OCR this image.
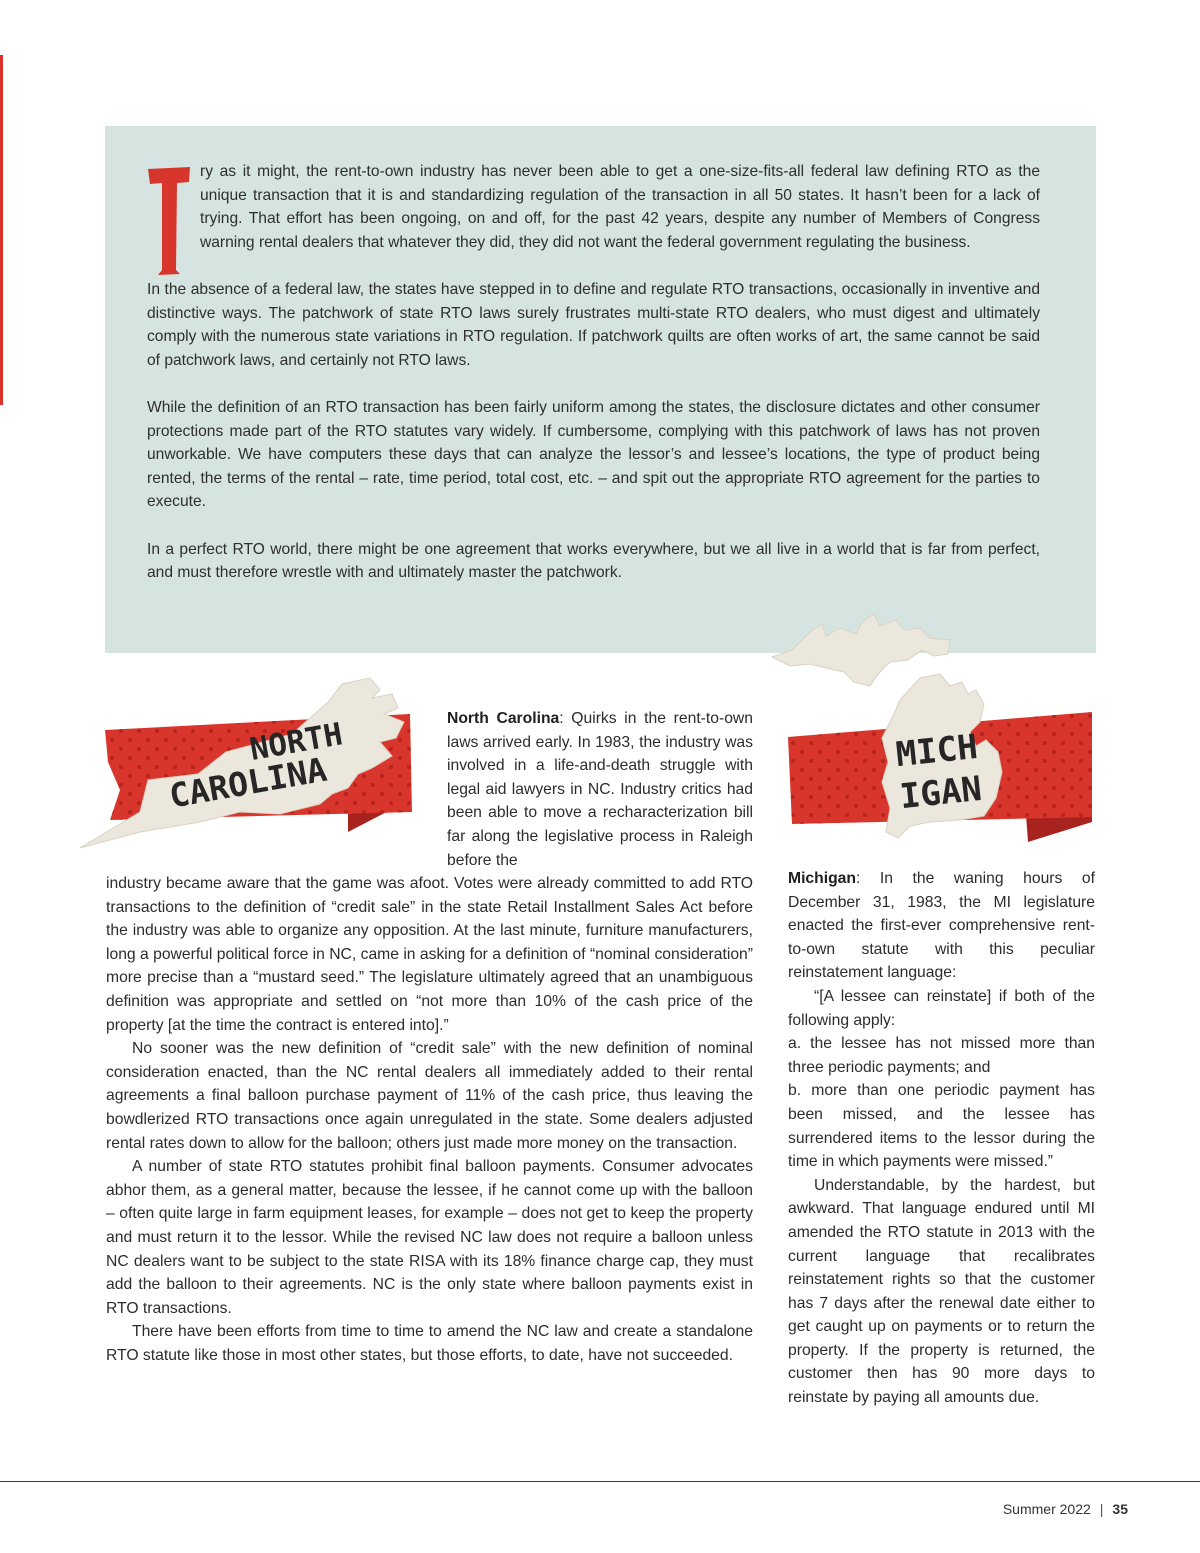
T
ry as it might, the rent-to-own industry has never been able to get a one-size-fits-all federal law defining RTO as the unique transaction that it is and standardizing regulation of the transaction in all 50 states. It hasn’t been for a lack of trying. That effort has been ongoing, on and off, for the past 42 years, despite any number of Members of Congress warning rental dealers that whatever they did, they did not want the federal government regulating the business.

In the absence of a federal law, the states have stepped in to define and regulate RTO transactions, occasionally in inventive and distinctive ways. The patchwork of state RTO laws surely frustrates multi-state RTO dealers, who must digest and ultimately comply with the numerous state variations in RTO regulation. If patchwork quilts are often works of art, the same cannot be said of patchwork laws, and certainly not RTO laws.

While the definition of an RTO transaction has been fairly uniform among the states, the disclosure dictates and other consumer protections made part of the RTO statutes vary widely. If cumbersome, complying with this patchwork of laws has not proven unworkable. We have computers these days that can analyze the lessor’s and lessee’s locations, the type of product being rented, the terms of the rental – rate, time period, total cost, etc. – and spit out the appropriate RTO agreement for the parties to execute.

In a perfect RTO world, there might be one agreement that works everywhere, but we all live in a world that is far from perfect, and must therefore wrestle with and ultimately master the patchwork.

NORTH
CAROLINA	MICH
IGAN
North Carolina: Quirks in the rent-to-own laws arrived early. In 1983, the industry was involved in a life-and-death struggle with legal aid lawyers in NC. Industry critics had been able to move a recharacterization bill far along the legislative process in Raleigh before the

industry became aware that the game was afoot. Votes were already committed to add RTO transactions to the definition of “credit sale” in the state Retail Installment Sales Act before the industry was able to organize any opposition. At the last minute, furniture manufacturers, long a powerful political force in NC, came in asking for a definition of “nominal consideration” more precise than a “mustard seed.” The legislature ultimately agreed that an unambiguous definition was appropriate and settled on “not more than 10% of the cash price of the property [at the time the contract is entered into].”

No sooner was the new definition of “credit sale” with the new definition of nominal consideration enacted, than the NC rental dealers all immediately added to their rental agreements a final balloon purchase payment of 11% of the cash price, thus leaving the bowdlerized RTO transactions once again unregulated in the state. Some dealers adjusted rental rates down to allow for the balloon; others just made more money on the transaction.

A number of state RTO statutes prohibit final balloon payments. Consumer advocates abhor them, as a general matter, because the lessee, if he cannot come up with the balloon – often quite large in farm equipment leases, for example – does not get to keep the property and must return it to the lessor. While the revised NC law does not require a balloon unless NC dealers want to be subject to the state RISA with its 18% finance charge cap, they must add the balloon to their agreements. NC is the only state where balloon payments exist in RTO transactions.

There have been efforts from time to time to amend the NC law and create a standalone RTO statute like those in most other states, but those efforts, to date, have not succeeded.

Michigan: In the waning hours of December 31, 1983, the MI legislature enacted the first-ever comprehensive rent-to-own statute with this peculiar reinstatement language:

“[A lessee can reinstate] if both of the following apply:

a. the lessee has not missed more than three periodic payments; and

b. more than one periodic payment has been missed, and the lessee has surrendered items to the lessor during the time in which payments were missed.”

Understandable, by the hardest, but awkward. That language endured until MI amended the RTO statute in 2013 with the current language that recalibrates reinstatement rights so that the customer has 7 days after the renewal date either to get caught up on payments or to return the property. If the property is returned, the customer then has 90 more days to reinstate by paying all amounts due.

Summer 2022 | 35
